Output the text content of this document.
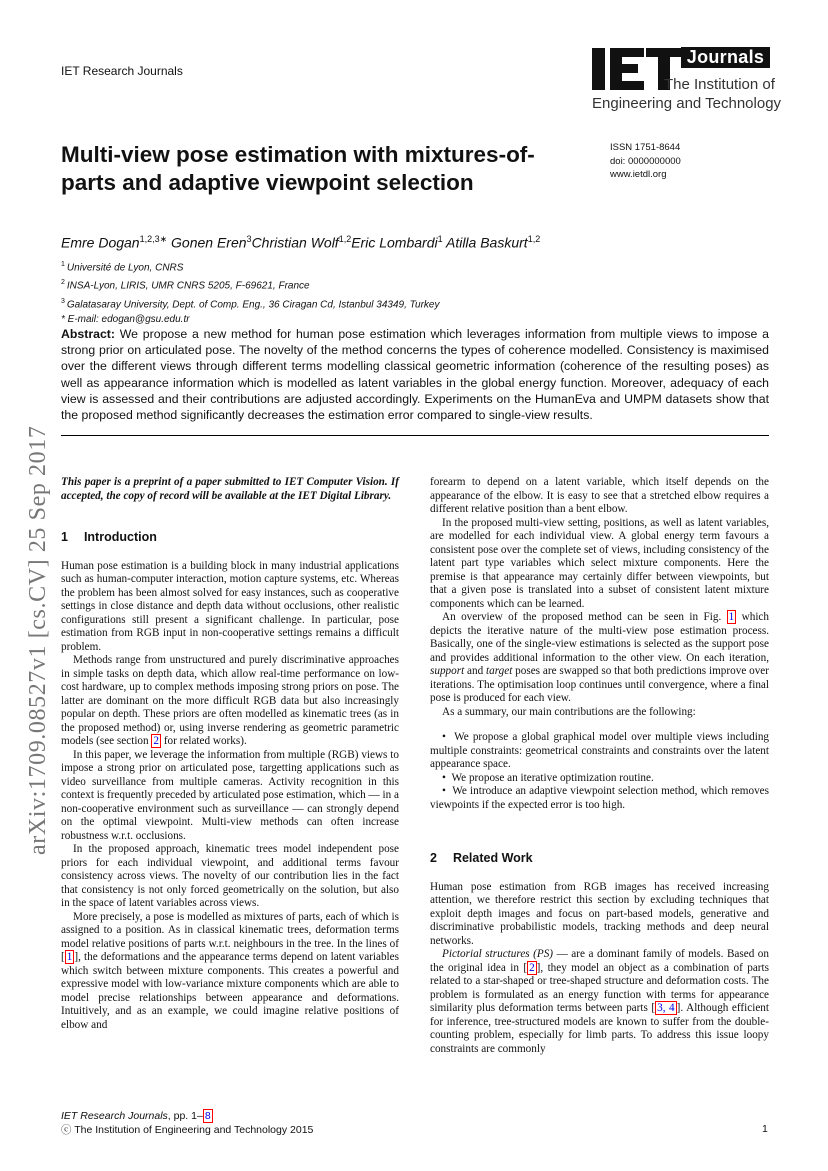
IET Research Journals
Journals
The Institution of
Engineering and Technology
Multi-view pose estimation with mixtures-of-parts and adaptive viewpoint selection
ISSN 1751-8644
doi: 0000000000
www.ietdl.org
Emre Dogan$^{1,2,3∗}$ Gonen Eren$^3$Christian Wolf$^{1,2}$Eric Lombardi$^1$ Atilla Baskurt$^{1,2}$
$^1$ Université de Lyon, CNRS
$^2$ INSA-Lyon, LIRIS, UMR CNRS 5205, F-69621, France
$^3$ Galatasaray University, Dept. of Comp. Eng., 36 Ciragan Cd, Istanbul 34349, Turkey
* E-mail: edogan@gsu.edu.tr
Abstract: We propose a new method for human pose estimation which leverages information from multiple views to impose a strong prior on articulated pose. The novelty of the method concerns the types of coherence modelled. Consistency is maximised over the different views through different terms modelling classical geometric information (coherence of the resulting poses) as well as appearance information which is modelled as latent variables in the global energy function. Moreover, adequacy of each view is assessed and their contributions are adjusted accordingly. Experiments on the HumanEva and UMPM datasets show that the proposed method significantly decreases the estimation error compared to single-view results.
arXiv:1709.08527v1 [cs.CV] 25 Sep 2017 This paper is a preprint of a paper submitted to IET Computer Vision. If accepted, the copy of record will be available at the IET Digital Library.

1 Introduction

Human pose estimation is a building block in many industrial applications such as human-computer interaction, motion capture systems, etc. Whereas the problem has been almost solved for easy instances, such as cooperative settings in close distance and depth data without occlusions, other realistic configurations still present a significant challenge. In particular, pose estimation from RGB input in non-cooperative settings remains a difficult problem.

Methods range from unstructured and purely discriminative approaches in simple tasks on depth data, which allow real-time performance on low-cost hardware, up to complex methods imposing strong priors on pose. The latter are dominant on the more difficult RGB data but also increasingly popular on depth. These priors are often modelled as kinematic trees (as in the proposed method) or, using inverse rendering as geometric parametric models (see section 2 for related works).

In this paper, we leverage the information from multiple (RGB) views to impose a strong prior on articulated pose, targetting applications such as video surveillance from multiple cameras. Activity recognition in this context is frequently preceded by articulated pose estimation, which — in a non-cooperative environment such as surveillance — can strongly depend on the optimal viewpoint. Multi-view methods can often increase robustness w.r.t. occlusions.

In the proposed approach, kinematic trees model independent pose priors for each individual viewpoint, and additional terms favour consistency across views. The novelty of our contribution lies in the fact that consistency is not only forced geometrically on the solution, but also in the space of latent variables across views.

More precisely, a pose is modelled as mixtures of parts, each of which is assigned to a position. As in classical kinematic trees, deformation terms model relative positions of parts w.r.t. neighbours in the tree. In the lines of [ 1 ], the deformations and the appearance terms depend on latent variables which switch between mixture components. This creates a powerful and expressive model with low-variance mixture components which are able to model precise relationships between appearance and deformations. Intuitively, and as an example, we could imagine relative positions of elbow and

forearm to depend on a latent variable, which itself depends on the appearance of the elbow. It is easy to see that a stretched elbow requires a different relative position than a bent elbow.

In the proposed multi-view setting, positions, as well as latent variables, are modelled for each individual view. A global energy term favours a consistent pose over the complete set of views, including consistency of the latent part type variables which select mixture components. Here the premise is that appearance may certainly differ between viewpoints, but that a given pose is translated into a subset of consistent latent mixture components which can be learned.

An overview of the proposed method can be seen in Fig. 1 which depicts the iterative nature of the multi-view pose estimation process. Basically, one of the single-view estimations is selected as the support pose and provides additional information to the other view. On each iteration, support and target poses are swapped so that both predictions improve over iterations. The optimisation loop continues until convergence, where a final pose is produced for each view.

As a summary, our main contributions are the following:

•  We propose a global graphical model over multiple views including multiple constraints: geometrical constraints and constraints over the latent appearance space.

•  We propose an iterative optimization routine.

•  We introduce an adaptive viewpoint selection method, which removes viewpoints if the expected error is too high.

2 Related Work

Human pose estimation from RGB images has received increasing attention, we therefore restrict this section by excluding techniques that exploit depth images and focus on part-based models, generative and discriminative probabilistic models, tracking methods and deep neural networks.

Pictorial structures (PS) — are a dominant family of models. Based on the original idea in [ 2 ], they model an object as a combination of parts related to a star-shaped or tree-shaped structure and deformation costs. The problem is formulated as an energy function with terms for appearance similarity plus deformation terms between parts [ 3, 4 ]. Although efficient for inference, tree-structured models are known to suffer from the double-counting problem, especially for limb parts. To address this issue loopy constraints are commonly

IET Research Journals, pp. 1– 8
ⓒ The Institution of Engineering and Technology 2015	1
